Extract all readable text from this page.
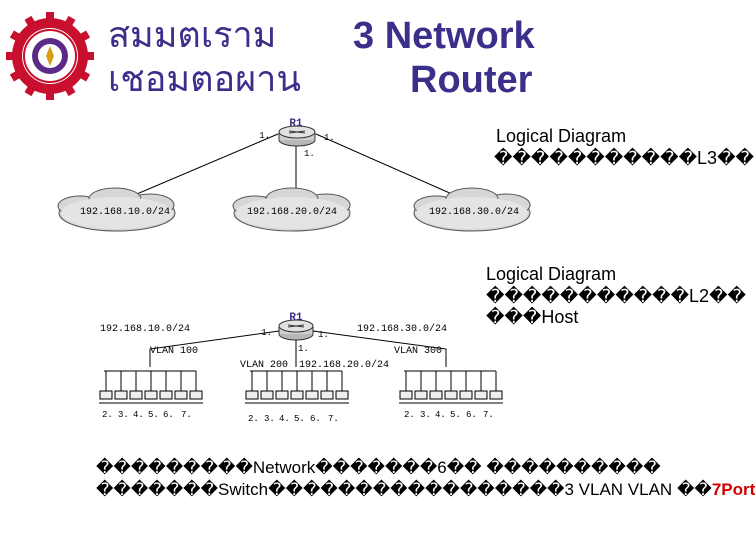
สมมตเราม
เชอมตอผาน
3 Network
Router
Logical Diagram
�����������L3��
Logical Diagram
�����������L2��
���Host
R1
1.	1.
1.
192.168.10.0/24	192.168.20.0/24	192.168.30.0/24
R1
1.	1.
1.
192.168.10.0/24	192.168.30.0/24
192.168.20.0/24
VLAN 100
VLAN 200
VLAN 300
2. 3. 4. 5. 6. 7.	2. 3. 4. 5. 6. 7.	2. 3. 4. 5. 6. 7.
���������Network�������6�� ����������
�������Switch�����������������3 VLAN VLAN ��7Port
